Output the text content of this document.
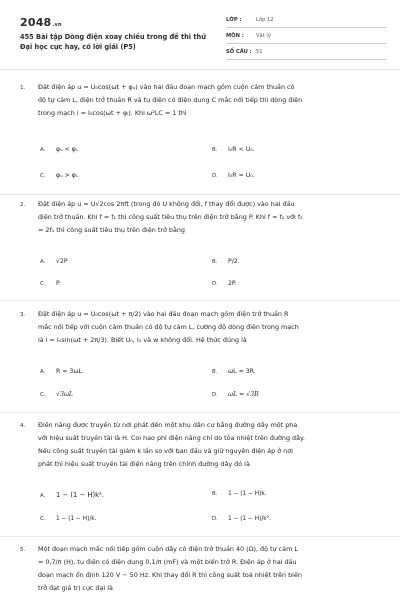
2048.vn
455 Bài tập Dòng điện xoay chiều trong đề thi thử Đại học cực hay, có lời giải (P5)
LỚP :	Lớp 12
MÔN : Vật lý
SỐ CÂU : 51
1. Đặt điện áp u = U₀cos(ωt + φᵤ) vào hai đầu đoạn mạch gồm cuộn cảm thuần có
độ tự cảm L, điện trở thuần R và tụ điện có điện dung C mắc nối tiếp thì dòng điện
trong mạch i = I₀cos(ωt + φᵢ). Khi ω²LC = 1 thì
A. φᵤ < φᵢ.	B. I₀R < U₀.
C. φᵤ > φᵢ.	D. I₀R = U₀.
2. Đặt điện áp u = U√2cos 2πft (trong đó U không đổi, f thay đổi được) vào hai đầu
điện trở thuần. Khi f = f₁ thì công suất tiêu thụ trên điện trở bằng P. Khi f = f₂ với f₂
= 2f₁ thì công suất tiêu thụ trên điện trở bằng
A. √2P	B. P/2.
C. P.	D. 2P.
3. Đặt điện áp u = U₀cos(ωt + π/2) vào hai đầu đoạn mạch gồm điện trở thuần R
mắc nối tiếp với cuộn cảm thuần có độ tự cảm L, cường độ dòng điện trong mạch
là i = I₀sin(ωt + 2π/3). Biết U₀, I₀ và w không đổi. Hệ thức đúng là
A. R = 3ωL.	B. ωL = 3R.
C. √3ωL	D. ωL = √3R
4. Điện năng được truyền từ nơi phát đến một khu dân cư bằng đường dây một pha
với hiệu suất truyền tải là H. Coi hao phí điện năng chỉ do tỏa nhiệt trên đường dây.
Nếu công suất truyền tải giảm k lần so với ban đầu và giữ nguyên điện áp ở nơi
phát thì hiệu suất truyền tải điện năng trên chính đường dây đó là
A. 1 − (1 − H)k².	B. 1 − (1 − H)k.
C. 1 − (1 − H)/k.	D. 1 − (1 − H)/k².
5. Một đoạn mạch mắc nối tiếp gồm cuộn dây có điện trở thuần 40 (Ω), độ tự cảm L
= 0,7/π (H), tụ điện có điện dung 0,1/π (mF) và một biến trở R. Điện áp ở hai đầu
đoạn mạch ổn định 120 V − 50 Hz. Khi thay đổi R thì công suất toả nhiệt trên biến
trở đạt giá trị cực đại là
